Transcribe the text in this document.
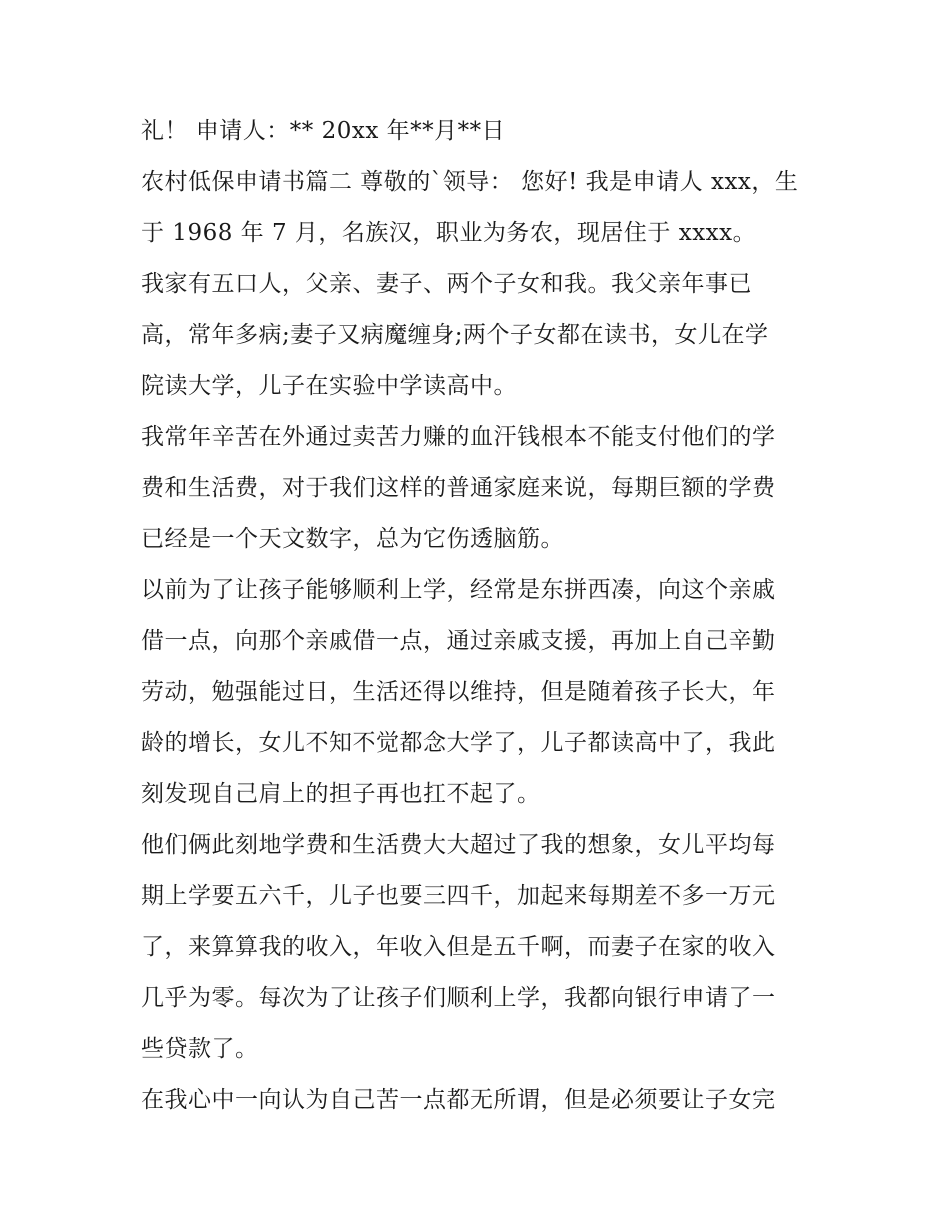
礼！ 申请人：** 20xx 年**月**日

农村低保申请书篇二 尊敬的`领导： 您好! 我是申请人 xxx，生
于 1968 年 7 月，名族汉，职业为务农，现居住于 xxxx。

我家有五口人，父亲、妻子、两个子女和我。我父亲年事已
高，常年多病;妻子又病魔缠身;两个子女都在读书，女儿在学
院读大学，儿子在实验中学读高中。

我常年辛苦在外通过卖苦力赚的血汗钱根本不能支付他们的学
费和生活费，对于我们这样的普通家庭来说，每期巨额的学费
已经是一个天文数字，总为它伤透脑筋。

以前为了让孩子能够顺利上学，经常是东拼西凑，向这个亲戚
借一点，向那个亲戚借一点，通过亲戚支援，再加上自己辛勤
劳动，勉强能过日，生活还得以维持，但是随着孩子长大，年
龄的增长，女儿不知不觉都念大学了，儿子都读高中了，我此
刻发现自己肩上的担子再也扛不起了。

他们俩此刻地学费和生活费大大超过了我的想象，女儿平均每
期上学要五六千，儿子也要三四千，加起来每期差不多一万元
了，来算算我的收入，年收入但是五千啊，而妻子在家的收入
几乎为零。每次为了让孩子们顺利上学，我都向银行申请了一
些贷款了。

在我心中一向认为自己苦一点都无所谓，但是必须要让子女完
